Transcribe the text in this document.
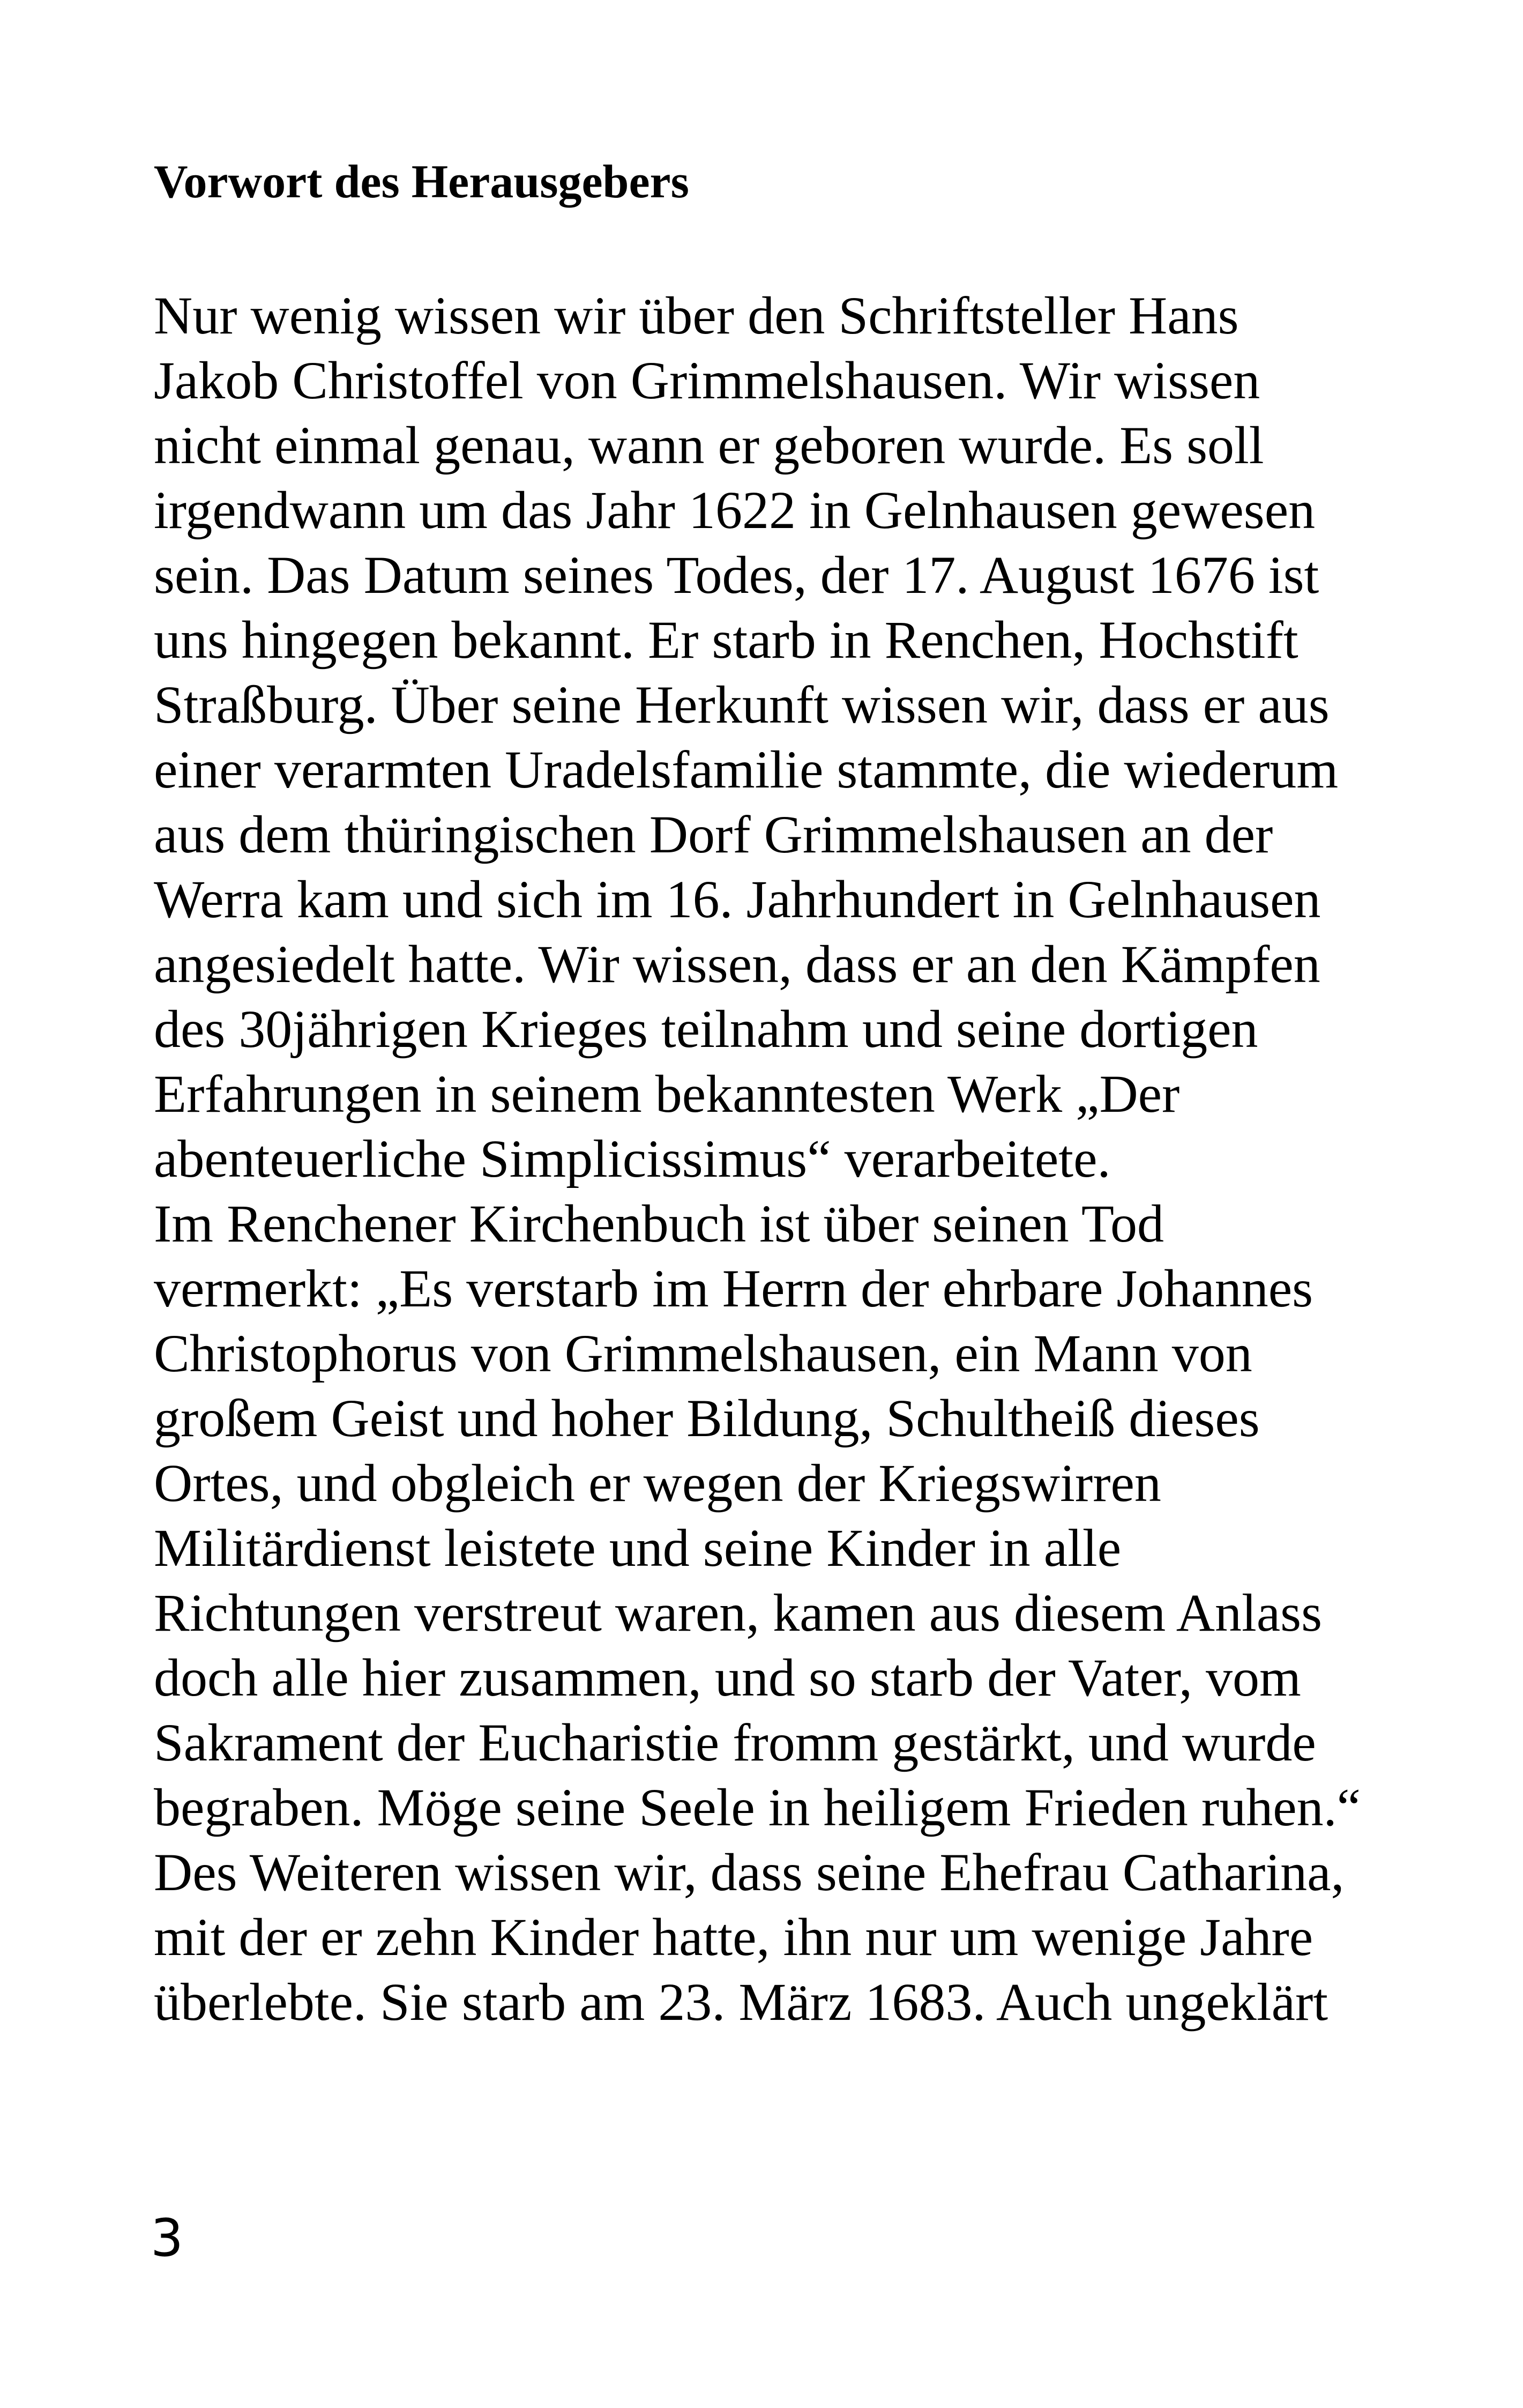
Vorwort des Herausgebers
Nur wenig wissen wir über den Schriftsteller Hans
Jakob Christoffel von Grimmelshausen. Wir wissen
nicht einmal genau, wann er geboren wurde. Es soll
irgendwann um das Jahr 1622 in Gelnhausen gewesen
sein. Das Datum seines Todes, der 17. August 1676 ist
uns hingegen bekannt. Er starb in Renchen, Hochstift
Straßburg. Über seine Herkunft wissen wir, dass er aus
einer verarmten Uradelsfamilie stammte, die wiederum
aus dem thüringischen Dorf Grimmelshausen an der
Werra kam und sich im 16. Jahrhundert in Gelnhausen
angesiedelt hatte. Wir wissen, dass er an den Kämpfen
des 30jährigen Krieges teilnahm und seine dortigen
Erfahrungen in seinem bekanntesten Werk „Der
abenteuerliche Simplicissimus“ verarbeitete.
Im Renchener Kirchenbuch ist über seinen Tod
vermerkt: „Es verstarb im Herrn der ehrbare Johannes
Christophorus von Grimmelshausen, ein Mann von
großem Geist und hoher Bildung, Schultheiß dieses
Ortes, und obgleich er wegen der Kriegswirren
Militärdienst leistete und seine Kinder in alle
Richtungen verstreut waren, kamen aus diesem Anlass
doch alle hier zusammen, und so starb der Vater, vom
Sakrament der Eucharistie fromm gestärkt, und wurde
begraben. Möge seine Seele in heiligem Frieden ruhen.“
Des Weiteren wissen wir, dass seine Ehefrau Catharina,
mit der er zehn Kinder hatte, ihn nur um wenige Jahre
überlebte. Sie starb am 23. März 1683. Auch ungeklärt

3
